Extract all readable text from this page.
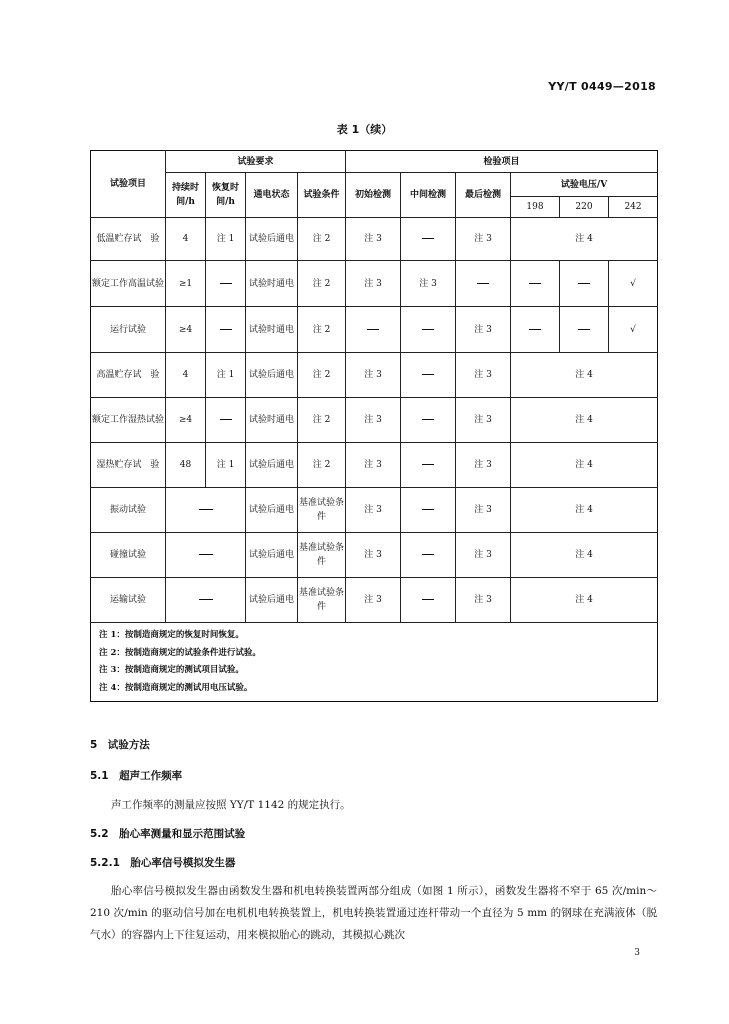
YY/T 0449—2018
表 1（续）
试验项目	试验要求				检验项目					
	持续时间/h	恢复时间/h	通电状态	试验条件	初始检测	中间检测	最后检测	试验电压/V		
								198	220	242
低温贮存试　验	4	注 1	试验后通电	注 2	注 3		注 3	注 4		
额定工作高温试验	≥1		试验时通电	注 2	注 3	注 3				√
运行试验	≥4		试验时通电	注 2			注 3			√
高温贮存试　验	4	注 1	试验后通电	注 2	注 3		注 3	注 4		
额定工作湿热试验	≥4		试验时通电	注 2	注 3		注 3	注 4		
湿热贮存试　验	48	注 1	试验后通电	注 2	注 3		注 3	注 4		
振动试验			试验后通电	基准试验条件	注 3		注 3	注 4		
碰撞试验			试验后通电	基准试验条件	注 3		注 3	注 4		
运输试验			试验后通电	基准试验条件	注 3		注 3	注 4		

注 1：按制造商规定的恢复时间恢复。
注 2：按制造商规定的试验条件进行试验。
注 3：按制造商规定的测试项目试验。
注 4：按制造商规定的测试用电压试验。										
5　试验方法
5.1　超声工作频率
声工作频率的测量应按照 YY/T 1142 的规定执行。
5.2　胎心率测量和显示范围试验
5.2.1　胎心率信号模拟发生器
胎心率信号模拟发生器由函数发生器和机电转换装置两部分组成（如图 1 所示），函数发生器将不窄于 65 次/min～210 次/min 的驱动信号加在电机机电转换装置上，机电转换装置通过连杆带动一个直径为 5 mm 的钢球在充满液体（脱气水）的容器内上下往复运动，用来模拟胎心的跳动，其模拟心跳次
3
